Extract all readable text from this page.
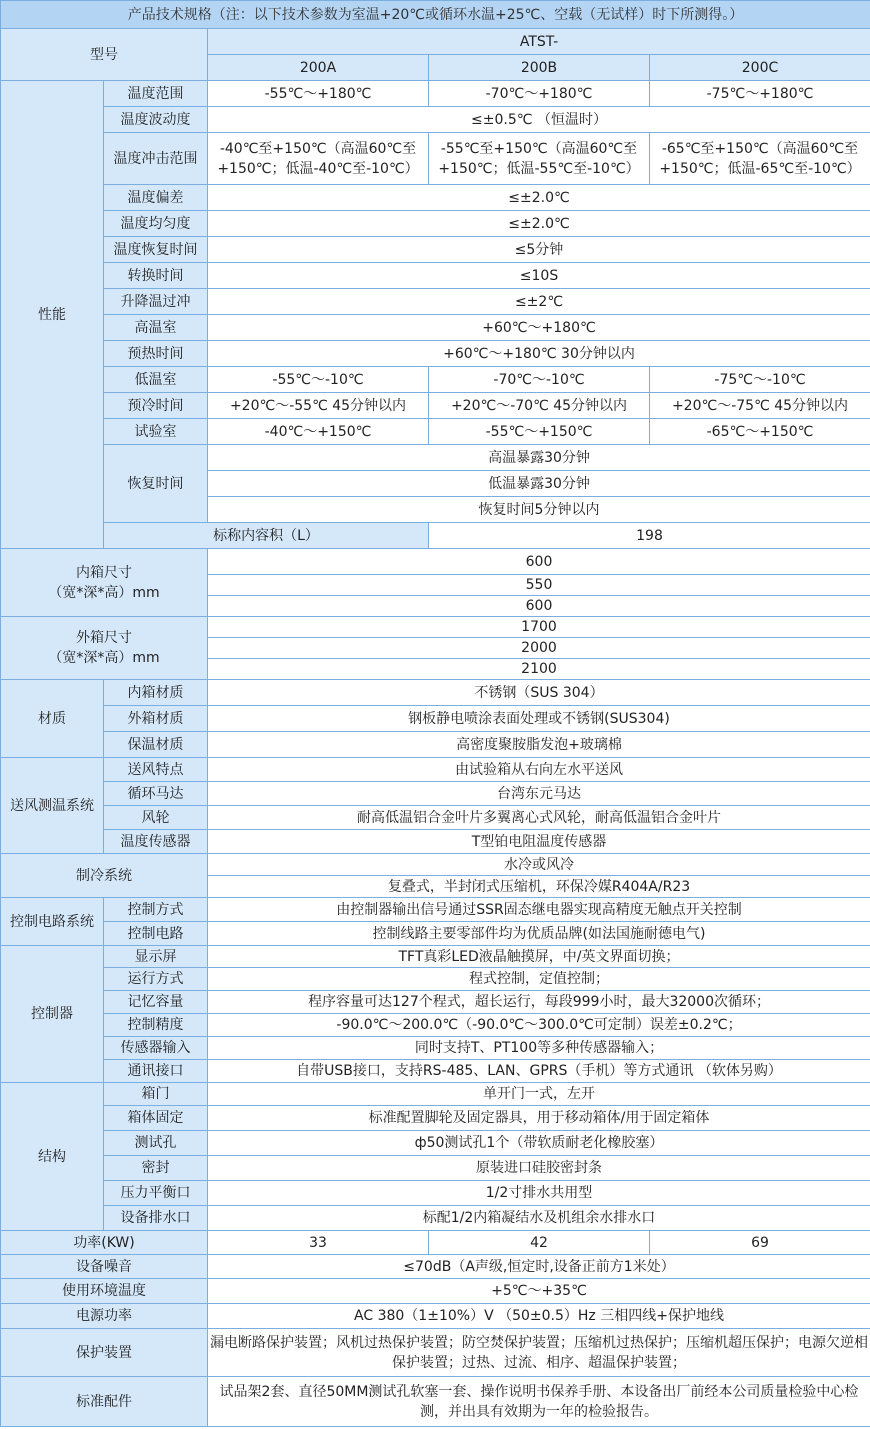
产品技术规格（注：以下技术参数为室温+20℃或循环水温+25℃、空载（无试样）时下所测得。）				
型号		ATST-		
		200A	200B	200C
性能	温度范围	-55℃～+180℃	-70℃～+180℃	-75℃～+180℃
	温度波动度	≤±0.5℃ （恒温时）		
	温度冲击范围	-40℃至+150℃（高温60℃至+150℃；低温-40℃至-10℃）	-55℃至+150℃（高温60℃至+150℃；低温-55℃至-10℃）	-65℃至+150℃（高温60℃至+150℃；低温-65℃至-10℃）
	温度偏差	≤±2.0℃		
	温度均匀度	≤±2.0℃		
	温度恢复时间	≤5分钟		
	转换时间	≤10S		
	升降温过冲	≤±2℃		
	高温室	+60℃～+180℃		
	预热时间	+60℃～+180℃ 30分钟以内		
	低温室	-55℃～-10℃	-70℃～-10℃	-75℃～-10℃
	预冷时间	+20℃～-55℃ 45分钟以内	+20℃～-70℃ 45分钟以内	+20℃～-75℃ 45分钟以内
	试验室	-40℃～+150℃	-55℃～+150℃	-65℃～+150℃
	恢复时间	高温暴露30分钟		
		低温暴露30分钟		
		恢复时间5分钟以内		
	标称内容积（L）		198	

内箱尺寸
（宽*深*高）mm		600		
		550		
		600		

外箱尺寸
（宽*深*高）mm		1700		
		2000		
		2100		
材质	内箱材质	不锈钢（SUS 304）		
	外箱材质	钢板静电喷涂表面处理或不锈钢(SUS304)		
	保温材质	高密度聚胺脂发泡+玻璃棉		
送风测温系统	送风特点	由试验箱从右向左水平送风		
	循环马达	台湾东元马达		
	风轮	耐高低温铝合金叶片多翼离心式风轮，耐高低温铝合金叶片		
	温度传感器	T型铂电阻温度传感器		
制冷系统		水冷或风冷		
		复叠式，半封闭式压缩机，环保冷媒R404A/R23		
控制电路系统	控制方式	由控制器输出信号通过SSR固态继电器实现高精度无触点开关控制		
	控制电路	控制线路主要零部件均为优质品牌(如法国施耐德电气)		
控制器	显示屏	TFT真彩LED液晶触摸屏，中/英文界面切换；		
	运行方式	程式控制，定值控制；		
	记忆容量	程序容量可达127个程式，超长运行，每段999小时，最大32000次循环；		
	控制精度	-90.0℃～200.0℃（-90.0℃～300.0℃可定制）误差±0.2℃；		
	传感器输入	同时支持T、PT100等多种传感器输入；		
	通讯接口	自带USB接口，支持RS-485、LAN、GPRS（手机）等方式通讯 （软体另购）		
结构	箱门	单开门一式，左开		
	箱体固定	标准配置脚轮及固定器具，用于移动箱体/用于固定箱体		
	测试孔	ф50测试孔1个（带软质耐老化橡胶塞）		
	密封	原装进口硅胶密封条		
	压力平衡口	1/2寸排水共用型		
	设备排水口	标配1/2内箱凝结水及机组余水排水口		
功率(KW)		33	42	69
设备噪音		≤70dB（A声级,恒定时,设备正前方1米处）		
使用环境温度		+5℃～+35℃		
电源功率		AC 380（1±10%）V （50±0.5）Hz 三相四线+保护地线		
保护装置		漏电断路保护装置；风机过热保护装置；防空焚保护装置；压缩机过热保护；压缩机超压保护；电源欠逆相保护装置；过热、过流、相序、超温保护装置；		
标准配件		试品架2套、直径50MM测试孔软塞一套、操作说明书保养手册、本设备出厂前经本公司质量检验中心检测，并出具有效期为一年的检验报告。		
